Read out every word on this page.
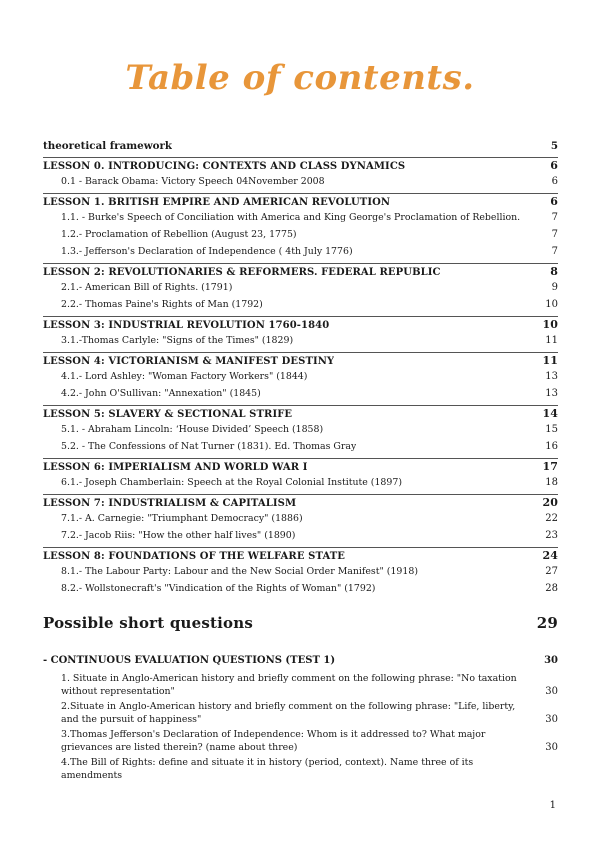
Table of contents.
theoretical framework	5
LESSON 0. INTRODUCING: CONTEXTS AND CLASS DYNAMICS	6
0.1 - Barack Obama: Victory Speech 04November 2008	6
LESSON 1. BRITISH EMPIRE AND AMERICAN REVOLUTION	6
1.1. - Burke's Speech of Conciliation with America and King George's Proclamation of Rebellion.	7
1.2.- Proclamation of Rebellion (August 23, 1775)	7
1.3.- Jefferson's Declaration of Independence ( 4th July 1776)	7
LESSON 2: REVOLUTIONARIES & REFORMERS. FEDERAL REPUBLIC	8
2.1.- American Bill of Rights. (1791)	9
2.2.- Thomas Paine's Rights of Man (1792)	10
LESSON 3: INDUSTRIAL REVOLUTION 1760-1840	10
3.1.-Thomas Carlyle: "Signs of the Times" (1829)	11
LESSON 4: VICTORIANISM & MANIFEST DESTINY	11
4.1.- Lord Ashley: "Woman Factory Workers" (1844)	13
4.2.- John O'Sullivan: "Annexation" (1845)	13
LESSON 5: SLAVERY & SECTIONAL STRIFE	14
5.1. - Abraham Lincoln: ‘House Divided’ Speech (1858)	15
5.2. - The Confessions of Nat Turner (1831). Ed. Thomas Gray	16
LESSON 6: IMPERIALISM AND WORLD WAR I	17
6.1.- Joseph Chamberlain: Speech at the Royal Colonial Institute (1897)	18
LESSON 7: INDUSTRIALISM & CAPITALISM	20
7.1.- A. Carnegie: "Triumphant Democracy" (1886)	22
7.2.- Jacob Riis: "How the other half lives" (1890)	23
LESSON 8: FOUNDATIONS OF THE WELFARE STATE	24
8.1.- The Labour Party: Labour and the New Social Order Manifest" (1918)	27
8.2.- Wollstonecraft's "Vindication of the Rights of Woman" (1792)	28
Possible short questions	29
- CONTINUOUS EVALUATION QUESTIONS (TEST 1)	30
1. Situate in Anglo-American history and briefly comment on the following phrase: "No taxation without representation"	30
2.Situate in Anglo-American history and briefly comment on the following phrase: "Life, liberty, and the pursuit of happiness"	30
3.Thomas Jefferson's Declaration of Independence: Whom is it addressed to? What major grievances are listed therein? (name about three)	30
4.The Bill of Rights: define and situate it in history (period, context). Name three of its amendments
1
